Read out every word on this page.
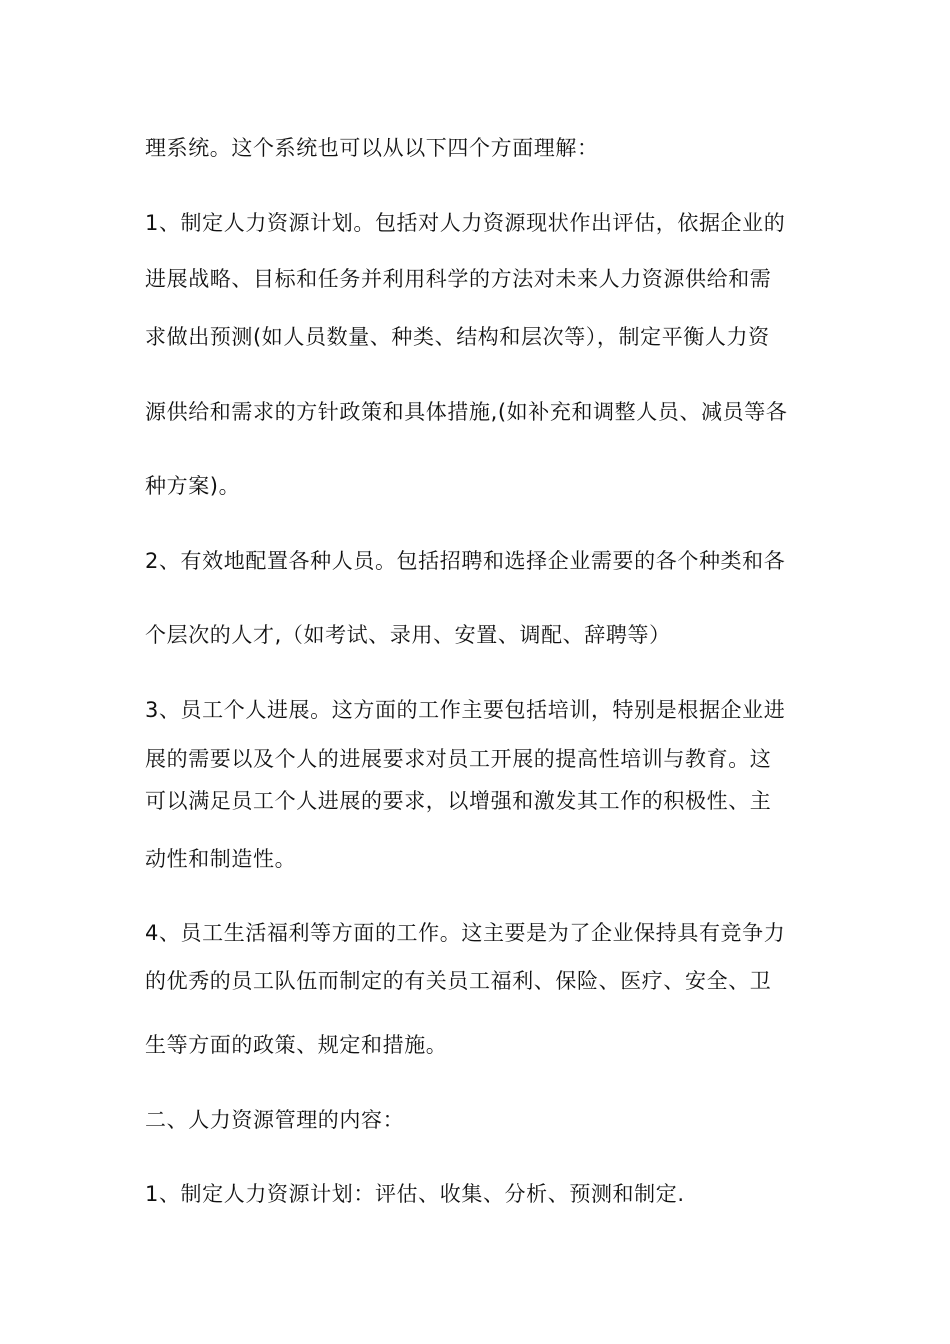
理系统。这个系统也可以从以下四个方面理解：
1、制定人力资源计划。包括对人力资源现状作出评估，依据企业的
进展战略、目标和任务并利用科学的方法对未来人力资源供给和需
求做出预测(如人员数量、种类、结构和层次等），制定平衡人力资
源供给和需求的方针政策和具体措施,(如补充和调整人员、减员等各
种方案)。
2、有效地配置各种人员。包括招聘和选择企业需要的各个种类和各
个层次的人才,（如考试、录用、安置、调配、辞聘等）
3、员工个人进展。这方面的工作主要包括培训，特别是根据企业进
展的需要以及个人的进展要求对员工开展的提高性培训与教育。这
可以满足员工个人进展的要求，以增强和激发其工作的积极性、主
动性和制造性。
4、员工生活福利等方面的工作。这主要是为了企业保持具有竞争力
的优秀的员工队伍而制定的有关员工福利、保险、医疗、安全、卫
生等方面的政策、规定和措施。
二、人力资源管理的内容：
1、制定人力资源计划：评估、收集、分析、预测和制定.
